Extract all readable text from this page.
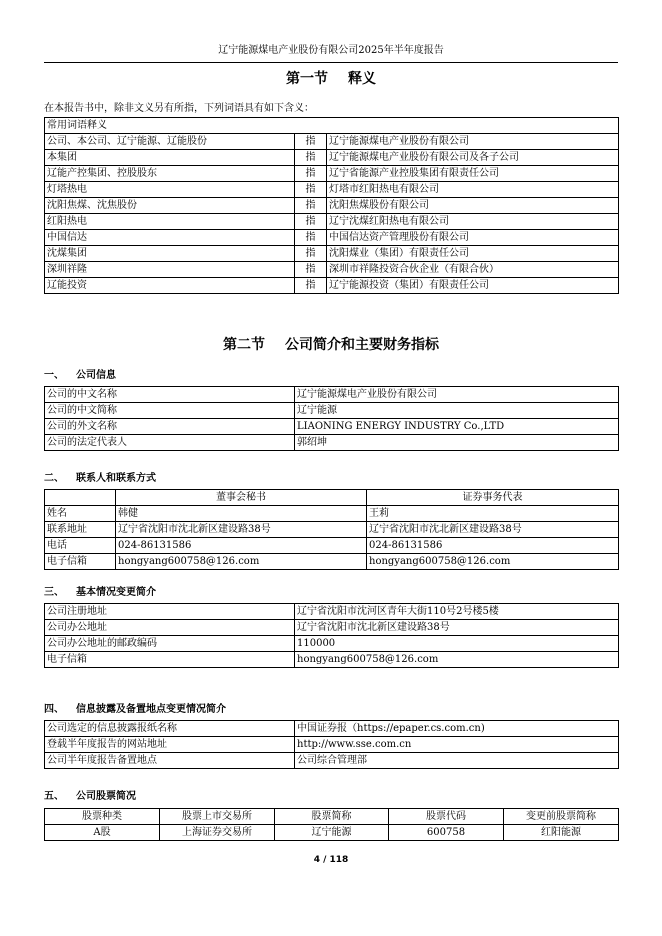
辽宁能源煤电产业股份有限公司2025年半年度报告
第一节 释义
在本报告书中，除非文义另有所指，下列词语具有如下含义：
常用词语释义		
公司、本公司、辽宁能源、辽能股份	指	辽宁能源煤电产业股份有限公司
本集团	指	辽宁能源煤电产业股份有限公司及各子公司
辽能产控集团、控股股东	指	辽宁省能源产业控股集团有限责任公司
灯塔热电	指	灯塔市红阳热电有限公司
沈阳焦煤、沈焦股份	指	沈阳焦煤股份有限公司
红阳热电	指	辽宁沈煤红阳热电有限公司
中国信达	指	中国信达资产管理股份有限公司
沈煤集团	指	沈阳煤业（集团）有限责任公司
深圳祥隆	指	深圳市祥隆投资合伙企业（有限合伙）
辽能投资	指	辽宁能源投资（集团）有限责任公司
第二节 公司简介和主要财务指标
一、 公司信息
公司的中文名称	辽宁能源煤电产业股份有限公司
公司的中文简称	辽宁能源
公司的外文名称	LIAONING ENERGY INDUSTRY Co.,LTD
公司的法定代表人	郭绍坤
二、 联系人和联系方式
	董事会秘书	证券事务代表
姓名	韩健	王莉
联系地址	辽宁省沈阳市沈北新区建设路38号	辽宁省沈阳市沈北新区建设路38号
电话	024-86131586	024-86131586
电子信箱	hongyang600758@126.com	hongyang600758@126.com
三、 基本情况变更简介
公司注册地址	辽宁省沈阳市沈河区青年大街110号2号楼5楼
公司办公地址	辽宁省沈阳市沈北新区建设路38号
公司办公地址的邮政编码	110000
电子信箱	hongyang600758@126.com
四、 信息披露及备置地点变更情况简介
公司选定的信息披露报纸名称	中国证券报（https://epaper.cs.com.cn)
登载半年度报告的网站地址	http://www.sse.com.cn
公司半年度报告备置地点	公司综合管理部
五、 公司股票简况
股票种类	股票上市交易所	股票简称	股票代码	变更前股票简称
A股	上海证券交易所	辽宁能源	600758	红阳能源
4 / 118
